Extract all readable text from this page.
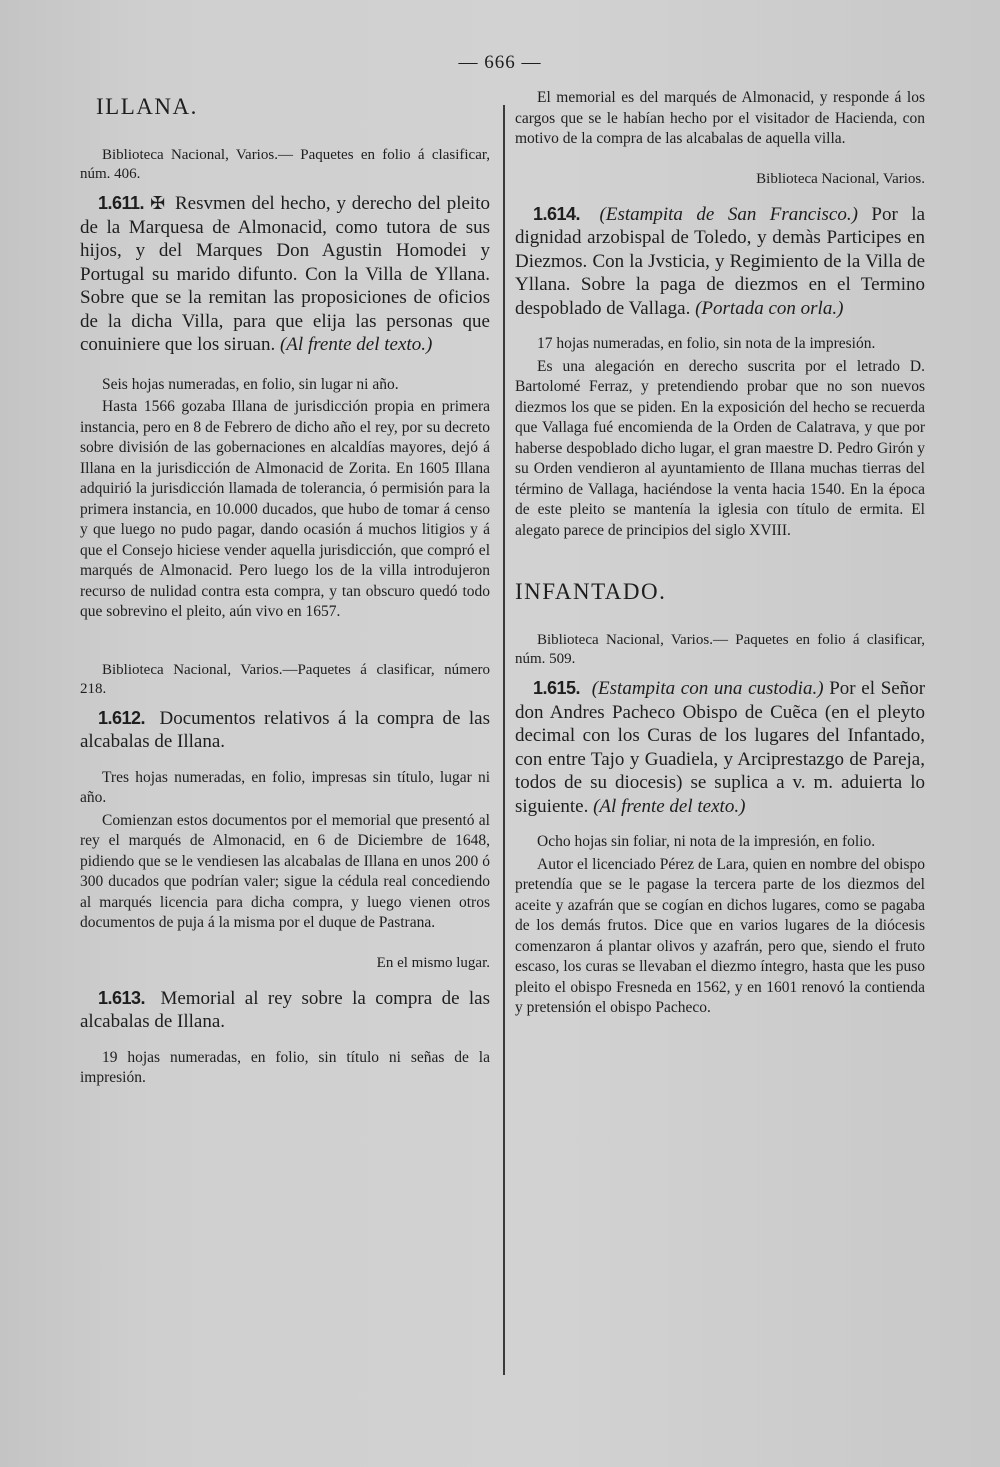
— 666 —
ILLANA.

Biblioteca Nacional, Varios.— Paquetes en folio á clasificar, núm. 406.

1.611. ✠ Resvmen del hecho, y derecho del pleito de la Marquesa de Almonacid, como tutora de sus hijos, y del Marques Don Agustin Homodei y Portugal su marido difunto. Con la Villa de Yllana. Sobre que se la remitan las proposiciones de oficios de la dicha Villa, para que elija las personas que conuiniere que los siruan. (Al frente del texto.)

Seis hojas numeradas, en folio, sin lugar ni año.

Hasta 1566 gozaba Illana de jurisdicción propia en primera instancia, pero en 8 de Febrero de dicho año el rey, por su decreto sobre división de las gobernaciones en alcaldías mayores, dejó á Illana en la jurisdicción de Almonacid de Zorita. En 1605 Illana adquirió la jurisdicción llamada de tolerancia, ó permisión para la primera instancia, en 10.000 ducados, que hubo de tomar á censo y que luego no pudo pagar, dando ocasión á muchos litigios y á que el Consejo hiciese vender aquella jurisdicción, que compró el marqués de Almonacid. Pero luego los de la villa introdujeron recurso de nulidad contra esta compra, y tan obscuro quedó todo que sobrevino el pleito, aún vivo en 1657.

Biblioteca Nacional, Varios.—Paquetes á clasificar, número 218.

1.612. Documentos relativos á la compra de las alcabalas de Illana.

Tres hojas numeradas, en folio, impresas sin título, lugar ni año.

Comienzan estos documentos por el memorial que presentó al rey el marqués de Almonacid, en 6 de Diciembre de 1648, pidiendo que se le vendiesen las alcabalas de Illana en unos 200 ó 300 ducados que podrían valer; sigue la cédula real concediendo al marqués licencia para dicha compra, y luego vienen otros documentos de puja á la misma por el duque de Pastrana.

En el mismo lugar.

1.613. Memorial al rey sobre la compra de las alcabalas de Illana.

19 hojas numeradas, en folio, sin título ni señas de la impresión.

El memorial es del marqués de Almonacid, y responde á los cargos que se le habían hecho por el visitador de Hacienda, con motivo de la compra de las alcabalas de aquella villa.

Biblioteca Nacional, Varios.

1.614. (Estampita de San Francisco.) Por la dignidad arzobispal de Toledo, y demàs Participes en Diezmos. Con la Jvsticia, y Regimiento de la Villa de Yllana. Sobre la paga de diezmos en el Termino despoblado de Vallaga. (Portada con orla.)

17 hojas numeradas, en folio, sin nota de la impresión.

Es una alegación en derecho suscrita por el letrado D. Bartolomé Ferraz, y pretendiendo probar que no son nuevos diezmos los que se piden. En la exposición del hecho se recuerda que Vallaga fué encomienda de la Orden de Calatrava, y que por haberse despoblado dicho lugar, el gran maestre D. Pedro Girón y su Orden vendieron al ayuntamiento de Illana muchas tierras del término de Vallaga, haciéndose la venta hacia 1540. En la época de este pleito se mantenía la iglesia con título de ermita. El alegato parece de principios del siglo XVIII.

INFANTADO.

Biblioteca Nacional, Varios.— Paquetes en folio á clasificar, núm. 509.

1.615. (Estampita con una custodia.) Por el Señor don Andres Pacheco Obispo de Cuẽca (en el pleyto decimal con los Curas de los lugares del Infantado, con entre Tajo y Guadiela, y Arciprestazgo de Pareja, todos de su diocesis) se suplica a v. m. aduierta lo siguiente. (Al frente del texto.)

Ocho hojas sin foliar, ni nota de la impresión, en folio.

Autor el licenciado Pérez de Lara, quien en nombre del obispo pretendía que se le pagase la tercera parte de los diezmos del aceite y azafrán que se cogían en dichos lugares, como se pagaba de los demás frutos. Dice que en varios lugares de la diócesis comenzaron á plantar olivos y azafrán, pero que, siendo el fruto escaso, los curas se llevaban el diezmo íntegro, hasta que les puso pleito el obispo Fresneda en 1562, y en 1601 renovó la contienda y pretensión el obispo Pacheco.
